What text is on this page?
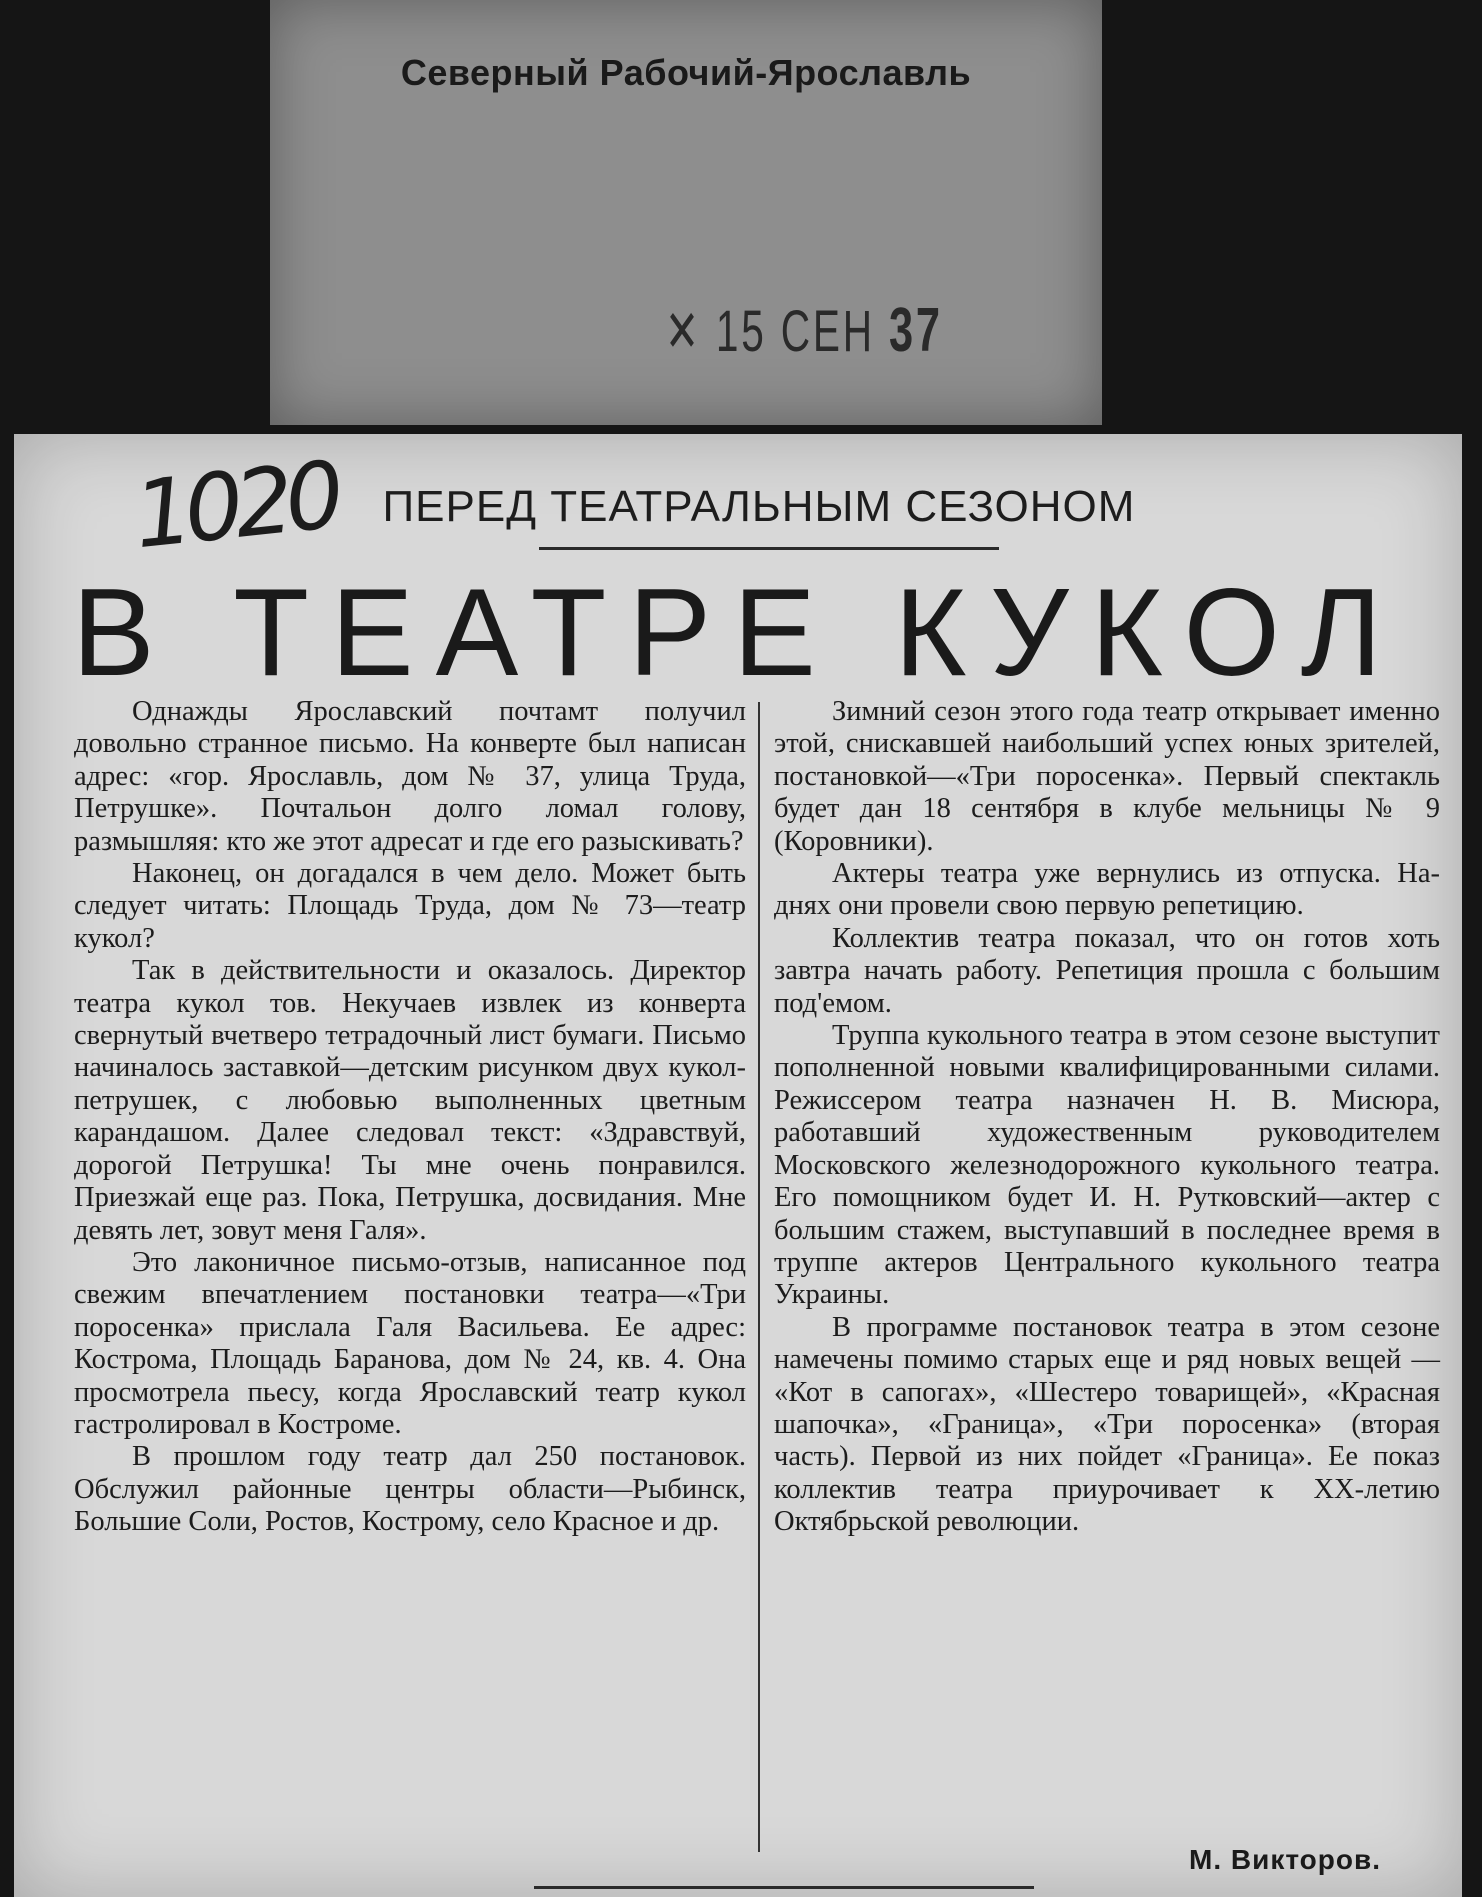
Северный Рабочий-Ярославль
✕ 15 СЕН 37
1020 ПЕРЕД ТЕАТРАЛЬНЫМ СЕЗОНОМ
В ТЕАТРЕ КУКОЛ

Однажды Ярославский почтамт получил довольно странное письмо. На конверте был написан адрес: «гор. Ярославль, дом № 37, улица Труда, Петрушке». Почтальон долго ломал голову, размышляя: кто же этот адресат и где его разыскивать?

Наконец, он догадался в чем дело. Может быть следует читать: Площадь Труда, дом № 73—театр кукол?

Так в действительности и оказалось. Директор театра кукол тов. Некучаев извлек из конверта свернутый вчетверо тетрадочный лист бумаги. Письмо начиналось заставкой—детским рисунком двух кукол-петрушек, с любовью выполненных цветным карандашом. Далее следовал текст: «Здравствуй, дорогой Петрушка! Ты мне очень понравился. Приезжай еще раз. Пока, Петрушка, досвидания. Мне девять лет, зовут меня Галя».

Это лаконичное письмо-отзыв, написанное под свежим впечатлением постановки театра—«Три поросенка» прислала Галя Васильева. Ее адрес: Кострома, Площадь Баранова, дом № 24, кв. 4. Она просмотрела пьесу, когда Ярославский театр кукол гастролировал в Костроме.

В прошлом году театр дал 250 постановок. Обслужил районные центры области—Рыбинск, Большие Соли, Ростов, Кострому, село Красное и др.

Зимний сезон этого года театр открывает именно этой, снискавшей наибольший успех юных зрителей, постановкой—«Три поросенка». Первый спектакль будет дан 18 сентября в клубе мельницы № 9 (Коровники).

Актеры театра уже вернулись из отпуска. На-днях они провели свою первую репетицию.

Коллектив театра показал, что он готов хоть завтра начать работу. Репетиция прошла с большим под'емом.

Труппа кукольного театра в этом сезоне выступит пополненной новыми квалифицированными силами. Режиссером театра назначен Н. В. Мисюра, работавший художественным руководителем Московского железнодорожного кукольного театра. Его помощником будет И. Н. Рутковский—актер с большим стажем, выступавший в последнее время в труппе актеров Центрального кукольного театра Украины.

В программе постановок театра в этом сезоне намечены помимо старых еще и ряд новых вещей — «Кот в сапогах», «Шестеро товарищей», «Красная шапочка», «Граница», «Три поросенка» (вторая часть). Первой из них пойдет «Граница». Ее показ коллектив театра приурочивает к XX-летию Октябрьской революции.

М. Викторов.
